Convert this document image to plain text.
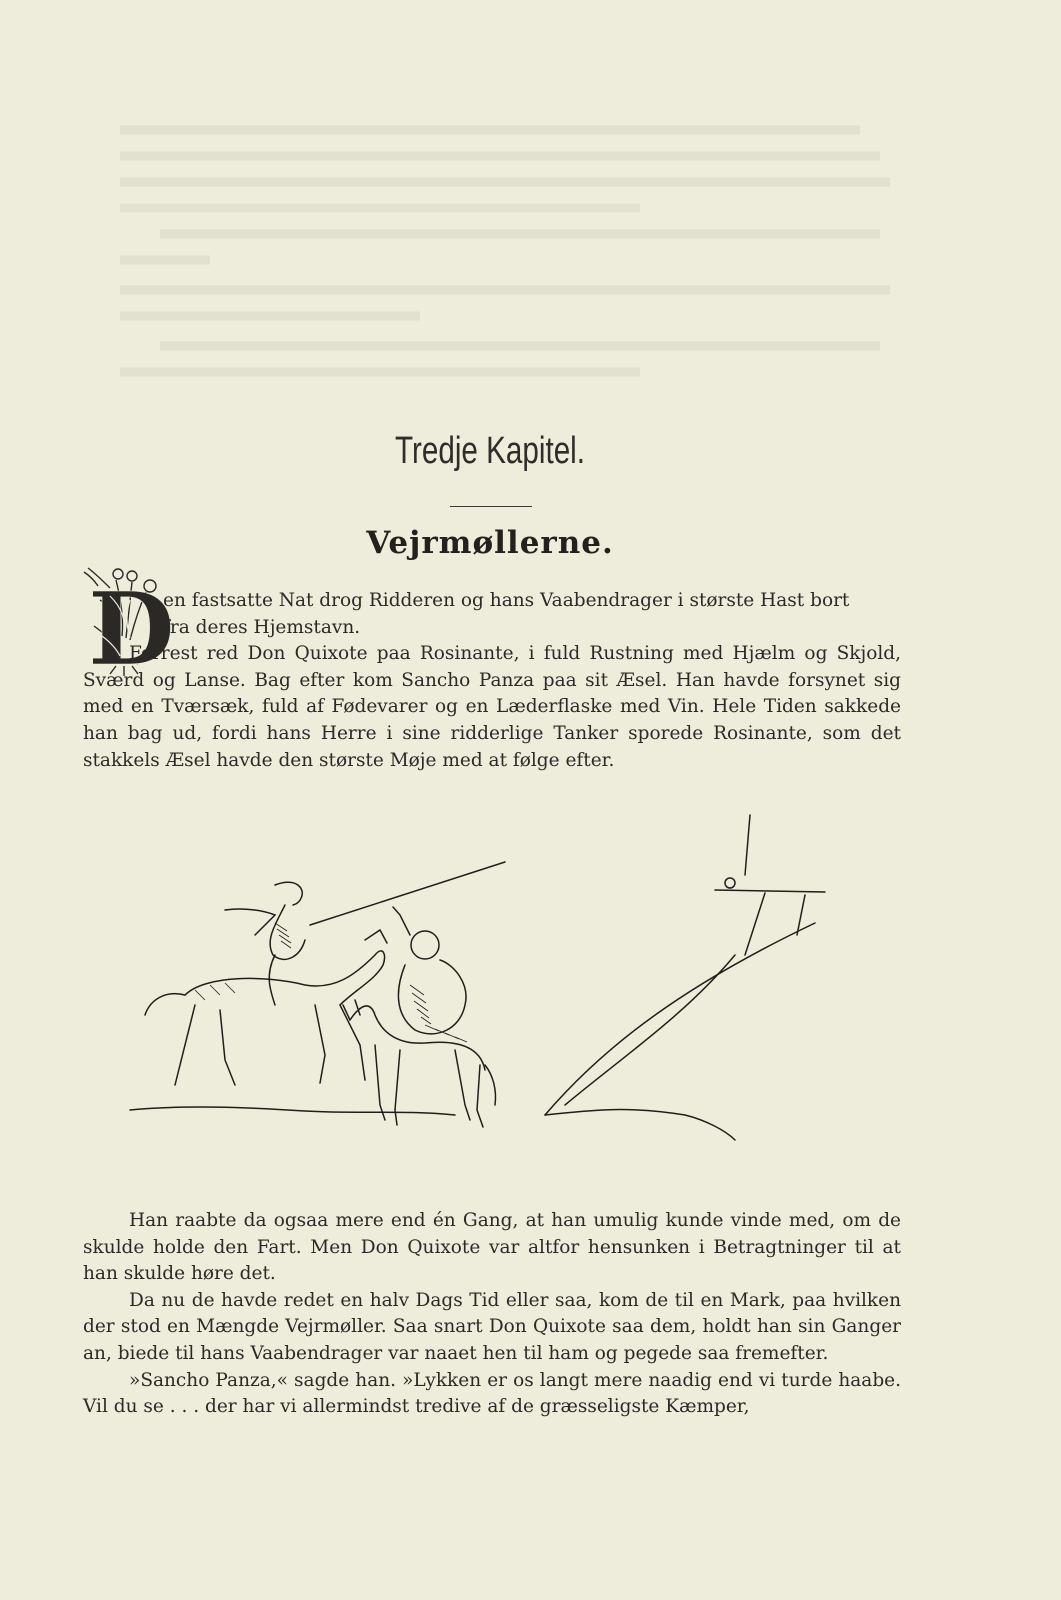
Tredje Kapitel.
Vejrmøllerne.
D

en fastsatte Nat drog Ridderen og hans Vaabendrager i største Hast bort

fra deres Hjemstavn.

Forrest red Don Quixote paa Rosinante, i fuld Rustning med Hjælm og Skjold, Sværd og Lanse. Bag efter kom Sancho Panza paa sit Æsel. Han havde forsynet sig med en Tværsæk, fuld af Fødevarer og en Læderflaske med Vin. Hele Tiden sakkede han bag ud, fordi hans Herre i sine ridderlige Tanker sporede Rosinante, som det stakkels Æsel havde den største Møje med at følge efter.

Han raabte da ogsaa mere end én Gang, at han umulig kunde vinde med, om de skulde holde den Fart. Men Don Quixote var altfor hensunken i Betragtninger til at han skulde høre det.

Da nu de havde redet en halv Dags Tid eller saa, kom de til en Mark, paa hvilken der stod en Mængde Vejrmøller. Saa snart Don Quixote saa dem, holdt han sin Ganger an, biede til hans Vaabendrager var naaet hen til ham og pegede saa fremefter.

»Sancho Panza,« sagde han. »Lykken er os langt mere naadig end vi turde haabe. Vil du se . . . der har vi allermindst tredive af de græsseligste Kæmper,
